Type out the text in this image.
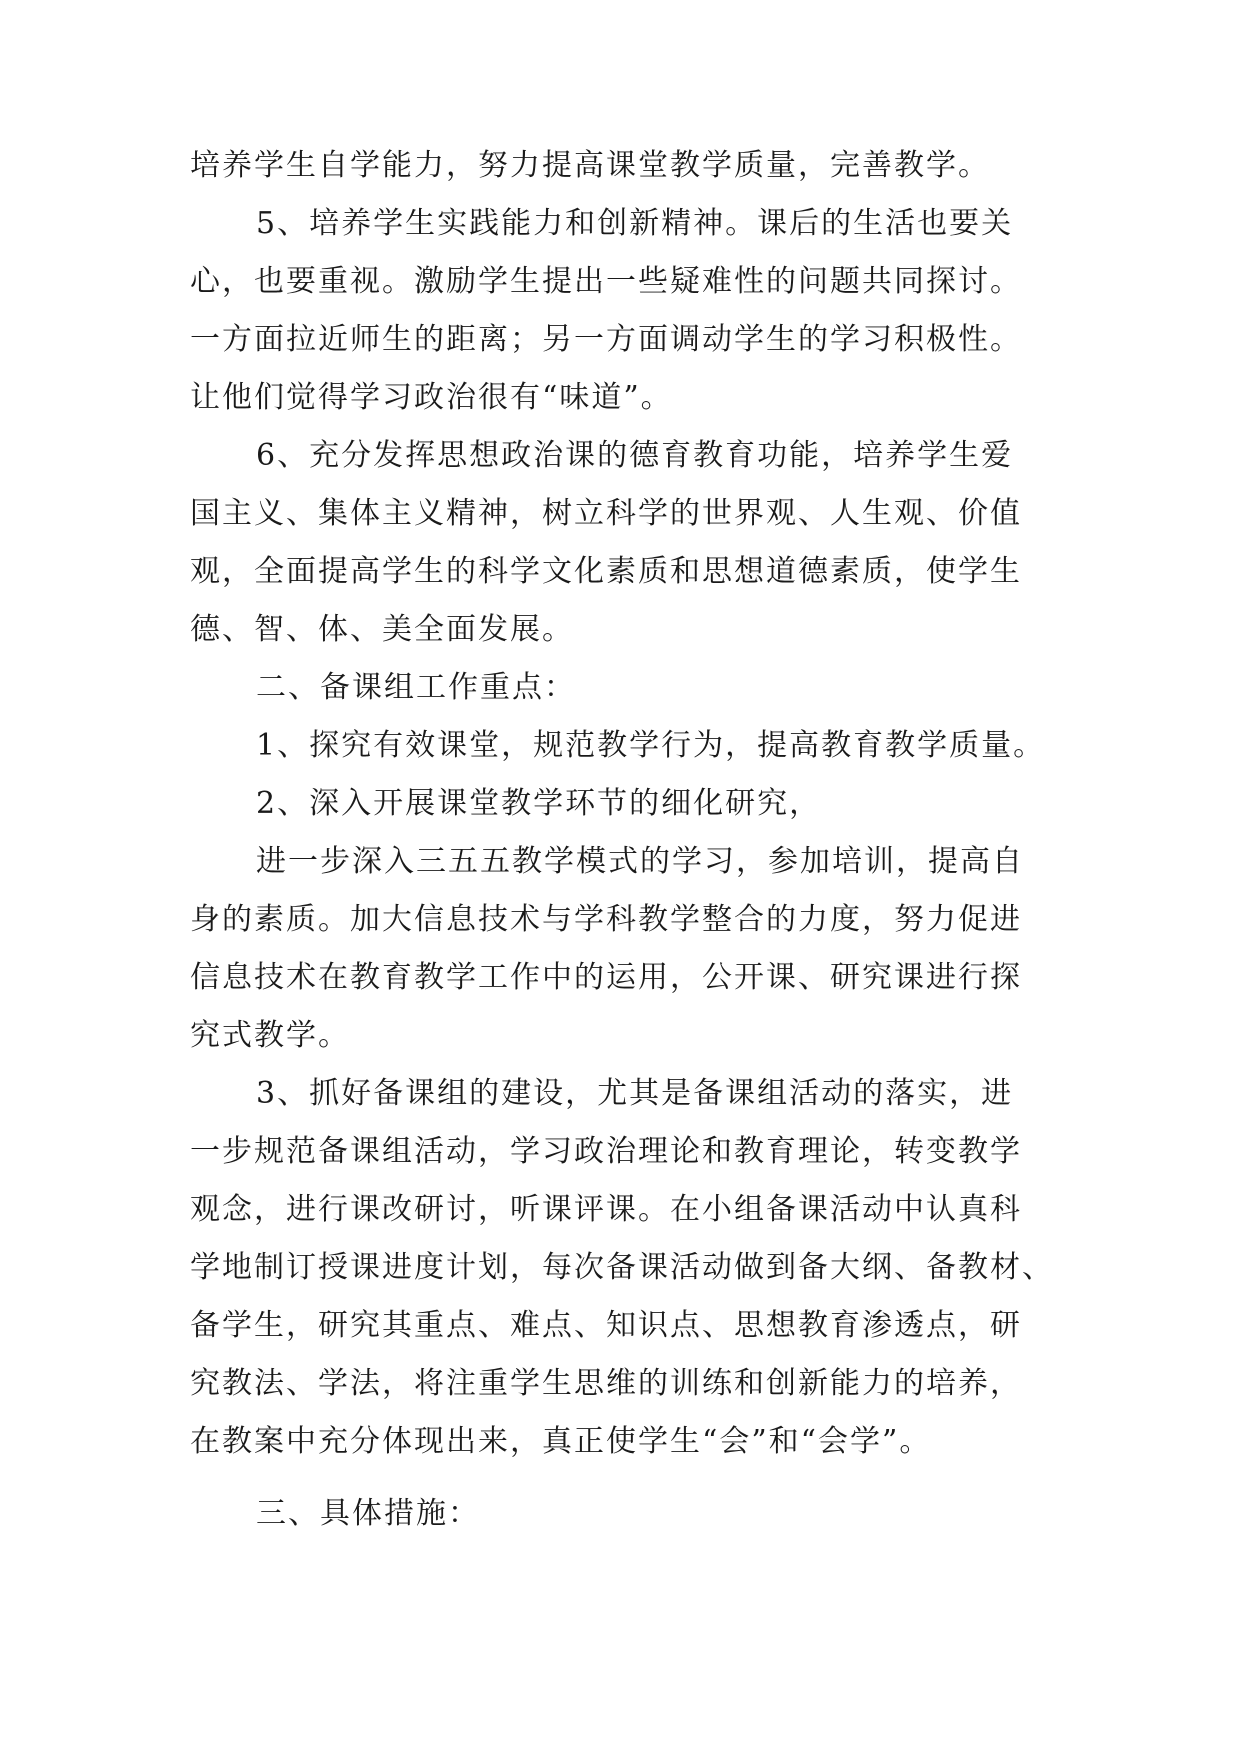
培养学生自学能力，努力提高课堂教学质量，完善教学。
5、培养学生实践能力和创新精神。课后的生活也要关
心，也要重视。激励学生提出一些疑难性的问题共同探讨。
一方面拉近师生的距离；另一方面调动学生的学习积极性。
让他们觉得学习政治很有“味道”。
6、充分发挥思想政治课的德育教育功能，培养学生爱
国主义、集体主义精神，树立科学的世界观、人生观、价值
观，全面提高学生的科学文化素质和思想道德素质，使学生
德、智、体、美全面发展。
二、备课组工作重点：
1、探究有效课堂，规范教学行为，提高教育教学质量。
2、深入开展课堂教学环节的细化研究，
进一步深入三五五教学模式的学习，参加培训，提高自
身的素质。加大信息技术与学科教学整合的力度，努力促进
信息技术在教育教学工作中的运用，公开课、研究课进行探
究式教学。
3、抓好备课组的建设，尤其是备课组活动的落实，进
一步规范备课组活动，学习政治理论和教育理论，转变教学
观念，进行课改研讨，听课评课。在小组备课活动中认真科
学地制订授课进度计划，每次备课活动做到备大纲、备教材、
备学生，研究其重点、难点、知识点、思想教育渗透点，研
究教法、学法，将注重学生思维的训练和创新能力的培养，
在教案中充分体现出来，真正使学生“会”和“会学”。
三、具体措施：
